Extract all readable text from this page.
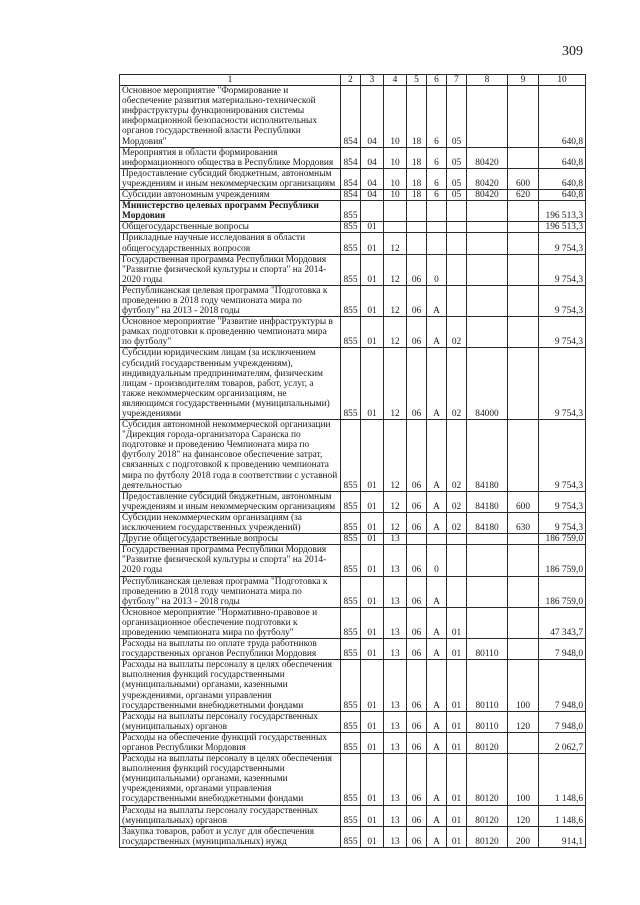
309
1	2	3	4	5	6	7	8	9	10
Основное мероприятие "Формирование и обеспечение развития материально-технической инфраструктуры функционирования системы информационной безопасности исполнительных органов государственной власти Республики Мордовия"	854	04	10	18	6	05			640,8
Мероприятия в области формирования информационного общества в Республике Мордовия	854	04	10	18	6	05	80420		640,8
Предоставление субсидий бюджетным, автономным учреждениям и иным некоммерческим организациям	854	04	10	18	6	05	80420	600	640,8
Субсидии автономным учреждениям	854	04	10	18	6	05	80420	620	640,8
Министерство целевых программ Республики Мордовия	855								196 513,3
Общегосударственные вопросы	855	01							196 513,3
Прикладные научные исследования в области общегосударственных вопросов	855	01	12						9 754,3
Государственная программа Республики Мордовия "Развитие физической культуры и спорта" на 2014-2020 годы	855	01	12	06	0				9 754,3
Республиканская целевая программа "Подготовка к проведению в 2018 году чемпионата мира по футболу" на 2013 - 2018 годы	855	01	12	06	А				9 754,3
Основное мероприятие "Развитие инфраструктуры в рамках подготовки к проведению чемпионата мира по футболу"	855	01	12	06	А	02			9 754,3
Субсидии юридическим лицам (за исключением субсидий государственным учреждениям), индивидуальным предпринимателям, физическим лицам - производителям товаров, работ, услуг, а также некоммерческим организациям, не являющимся государственными (муниципальными) учреждениями	855	01	12	06	А	02	84000		9 754,3
Субсидия автономной некоммерческой организации "Дирекция города-организатора Саранска по подготовке и проведению Чемпионата мира по футболу 2018" на финансовое обеспечение затрат, связанных с подготовкой к проведению чемпионата мира по футболу 2018 года в соответствии с уставной деятельностью	855	01	12	06	А	02	84180		9 754,3
Предоставление субсидий бюджетным, автономным учреждениям и иным некоммерческим организациям	855	01	12	06	А	02	84180	600	9 754,3
Субсидии некоммерческим организациям (за исключением государственных учреждений)	855	01	12	06	А	02	84180	630	9 754,3
Другие общегосударственные вопросы	855	01	13						186 759,0
Государственная программа Республики Мордовия "Развитие физической культуры и спорта" на 2014-2020 годы	855	01	13	06	0				186 759,0
Республиканская целевая программа "Подготовка к проведению в 2018 году чемпионата мира по футболу" на 2013 - 2018 годы	855	01	13	06	А				186 759,0
Основное мероприятие "Нормативно-правовое и организационное обеспечение подготовки к проведению чемпионата мира по футболу"	855	01	13	06	А	01			47 343,7
Расходы на выплаты по оплате труда работников государственных органов Республики Мордовия	855	01	13	06	А	01	80110		7 948,0
Расходы на выплаты персоналу в целях обеспечения выполнения функций государственными (муниципальными) органами, казенными учреждениями, органами управления государственными внебюджетными фондами	855	01	13	06	А	01	80110	100	7 948,0
Расходы на выплаты персоналу государственных (муниципальных) органов	855	01	13	06	А	01	80110	120	7 948,0
Расходы на обеспечение функций государственных органов Республики Мордовия	855	01	13	06	А	01	80120		2 062,7
Расходы на выплаты персоналу в целях обеспечения выполнения функций государственными (муниципальными) органами, казенными учреждениями, органами управления государственными внебюджетными фондами	855	01	13	06	А	01	80120	100	1 148,6
Расходы на выплаты персоналу государственных (муниципальных) органов	855	01	13	06	А	01	80120	120	1 148,6
Закупка товаров, работ и услуг для обеспечения государственных (муниципальных) нужд	855	01	13	06	А	01	80120	200	914,1
